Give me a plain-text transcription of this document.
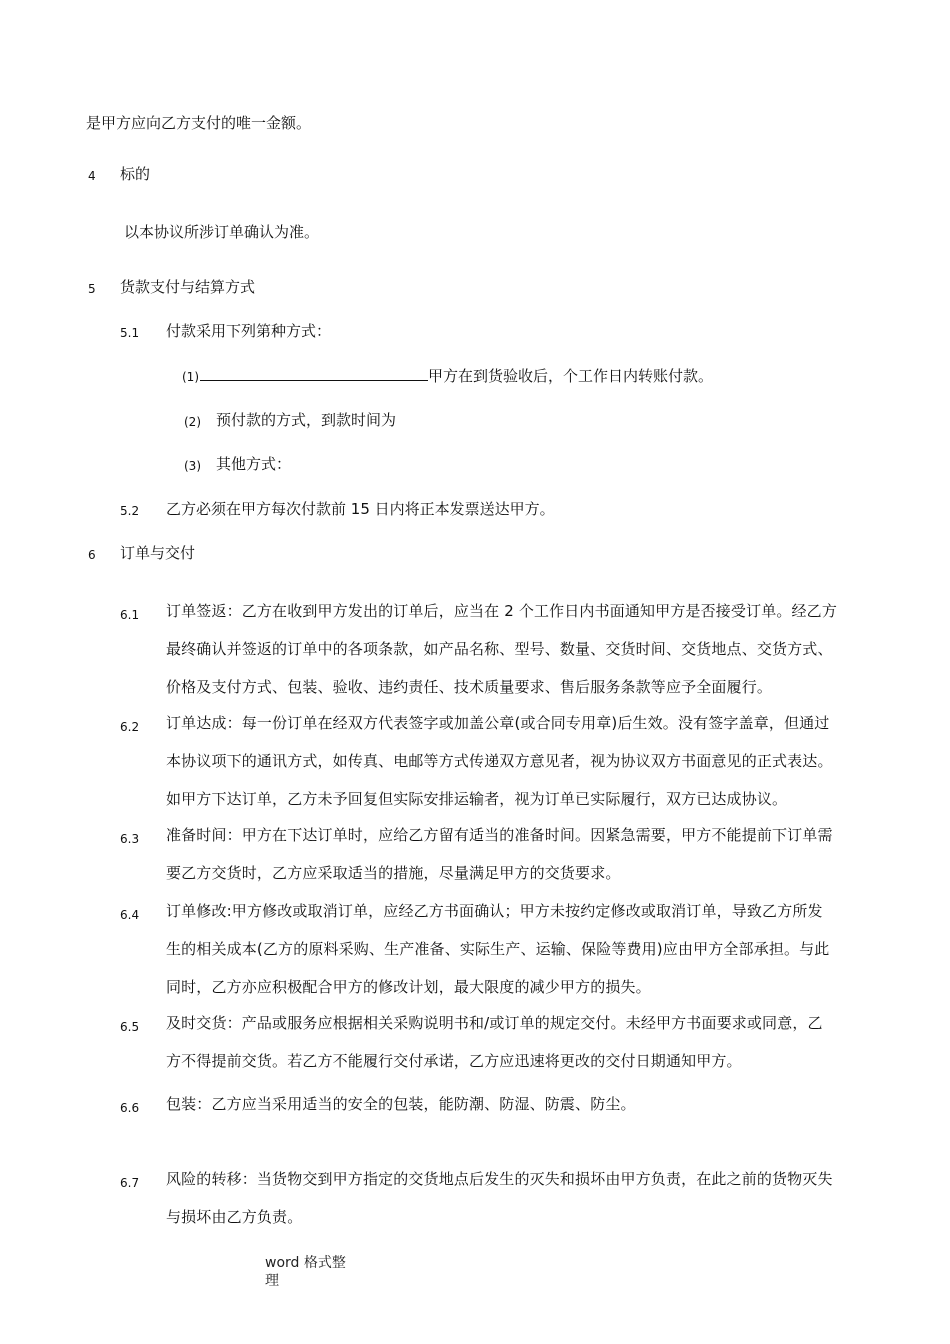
是甲方应向乙方支付的唯一金额。
4 标的
以本协议所涉订单确认为准。
5 货款支付与结算方式
5.1 付款采用下列第种方式：
(1)	甲方在到货验收后，个工作日内转账付款。
(2) 预付款的方式，到款时间为
(3) 其他方式：
5.2 乙方必须在甲方每次付款前 15 日内将正本发票送达甲方。
6 订单与交付
6.1 订单签返：乙方在收到甲方发出的订单后，应当在 2 个工作日内书面通知甲方是否接受订单。经乙方
最终确认并签返的订单中的各项条款，如产品名称、型号、数量、交货时间、交货地点、交货方式、
价格及支付方式、包装、验收、违约责任、技术质量要求、售后服务条款等应予全面履行。
6.2 订单达成：每一份订单在经双方代表签字或加盖公章(或合同专用章)后生效。没有签字盖章，但通过
本协议项下的通讯方式，如传真、电邮等方式传递双方意见者，视为协议双方书面意见的正式表达。
如甲方下达订单，乙方未予回复但实际安排运输者，视为订单已实际履行，双方已达成协议。
6.3 准备时间：甲方在下达订单时，应给乙方留有适当的准备时间。因紧急需要，甲方不能提前下订单需
要乙方交货时，乙方应采取适当的措施，尽量满足甲方的交货要求。
6.4 订单修改:甲方修改或取消订单，应经乙方书面确认；甲方未按约定修改或取消订单，导致乙方所发
生的相关成本(乙方的原料采购、生产准备、实际生产、运输、保险等费用)应由甲方全部承担。与此
同时，乙方亦应积极配合甲方的修改计划，最大限度的减少甲方的损失。
6.5 及时交货：产品或服务应根据相关采购说明书和/或订单的规定交付。未经甲方书面要求或同意，乙
方不得提前交货。若乙方不能履行交付承诺，乙方应迅速将更改的交付日期通知甲方。
6.6 包装：乙方应当采用适当的安全的包装，能防潮、防湿、防震、防尘。
6.7 风险的转移：当货物交到甲方指定的交货地点后发生的灭失和损坏由甲方负责，在此之前的货物灭失
与损坏由乙方负责。
word 格式整
理
